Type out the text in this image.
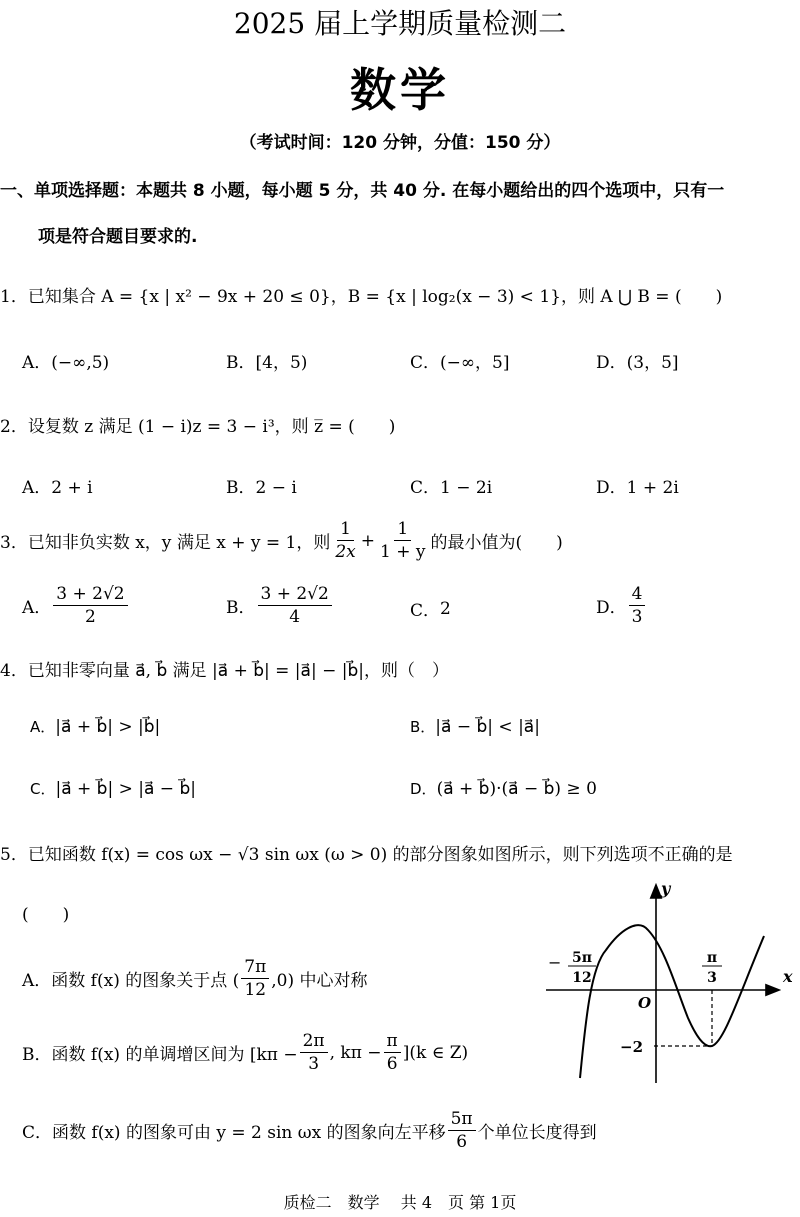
2025 届上学期质量检测二
数学
（考试时间：120 分钟，分值：150 分）
一、单项选择题：本题共 8 小题，每小题 5 分，共 40 分. 在每小题给出的四个选项中，只有一
项是符合题目要求的.
1．已知集合 A = {x | x² − 9x + 20 ≤ 0}，B = {x | log₂(x − 3) < 1}，则 A ⋃ B = (　　)
A．(−∞,5)	B．[4，5)	C．(−∞，5]	D．(3，5]
2．设复数 z 满足 (1 − i)z = 3 − i³，则 z̅ = (　　)
A．2 + i	B．2 − i	C．1 − 2i	D．1 + 2i
3．已知非负实数 x，y 满足 x + y = 1，则 $\frac{1}{2x} + \frac{1}{1 + y}$ 的最小值为(　　)
A． $\frac{3 + 2√2}{2}$	B． $\frac{3 + 2√2}{4}$	C． 2	D． $\frac{4}{3}$
4．已知非零向量 a⃗, b⃗ 满足 |a⃗ + b⃗| = |a⃗| − |b⃗|，则（　）
A．|a⃗ + b⃗| > |b⃗|	B．|a⃗ − b⃗| < |a⃗|
C．|a⃗ + b⃗| > |a⃗ − b⃗|	D．(a⃗ + b⃗)·(a⃗ − b⃗) ≥ 0
5．已知函数 f(x) = cos ωx − √3 sin ωx (ω > 0) 的部分图象如图所示，则下列选项不正确的是
(　　)
A．函数 f(x) 的图象关于点 ( $\frac{7\pi}{12} ,0$) 中心对称
B．函数 f(x) 的单调增区间为 [$k\pi - \frac{2\pi}{3}$ , $k\pi - \frac{\pi}{6} ](k$ ∈ Z)
C．函数 f(x) 的图象可由 y = 2 sin ωx 的图象向左平移 $\frac{5\pi}{6}$ 个单位长度得到
x
y
O
− 5π
12
π
3
−2
质检二　数学　 共 4　页 第 1页
